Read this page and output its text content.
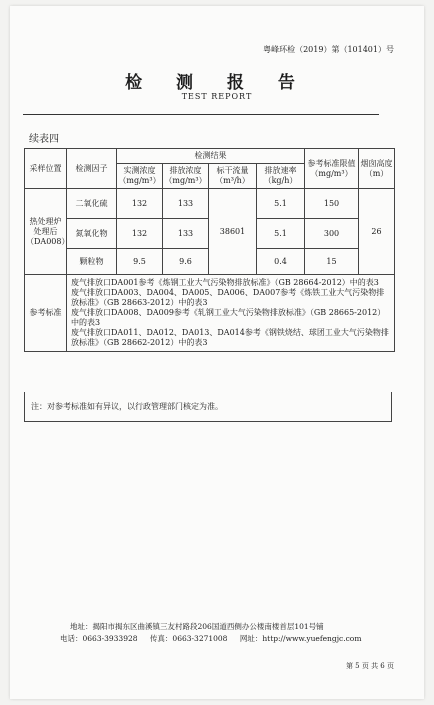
粤峰环检（2019）第（101401）号
检 测 报 告
TEST REPORT
续表四
采样位置	检测因子	检测结果				参考标准限值（mg/m³）	烟囱高度（m）
		实测浓度（mg/m³）	排放浓度（mg/m³）	标干流量（m³/h）	排放速率（kg/h）		
热处理炉处理后（DA008）	二氧化硫	132	133	38601	5.1	150	26
	氮氧化物	132	133		5.1	300	
	颗粒物	9.5	9.6		0.4	15	
参考标准	废气排放口DA001参考《炼钢工业大气污染物排放标准》（GB 28664-2012）中的表3
废气排放口DA003、DA004、DA005、DA006、DA007参考《炼铁工业大气污染物排放标准》（GB 28663-2012）中的表3
废气排放口DA008、DA009参考《轧钢工业大气污染物排放标准》（GB 28665-2012）中的表3
废气排放口DA011、DA012、DA013、DA014参考《钢铁烧结、球团工业大气污染物排放标准》（GB 28662-2012）中的表3						
注：对参考标准如有异议，以行政管理部门核定为准。
地址：揭阳市揭东区曲溪镇三友村路段206国道西侧办公楼南楼首层101号铺
电话：0663-3933928 传真：0663-3271008 网址：http://www.yuefengjc.com
第 5 页 共 6 页
